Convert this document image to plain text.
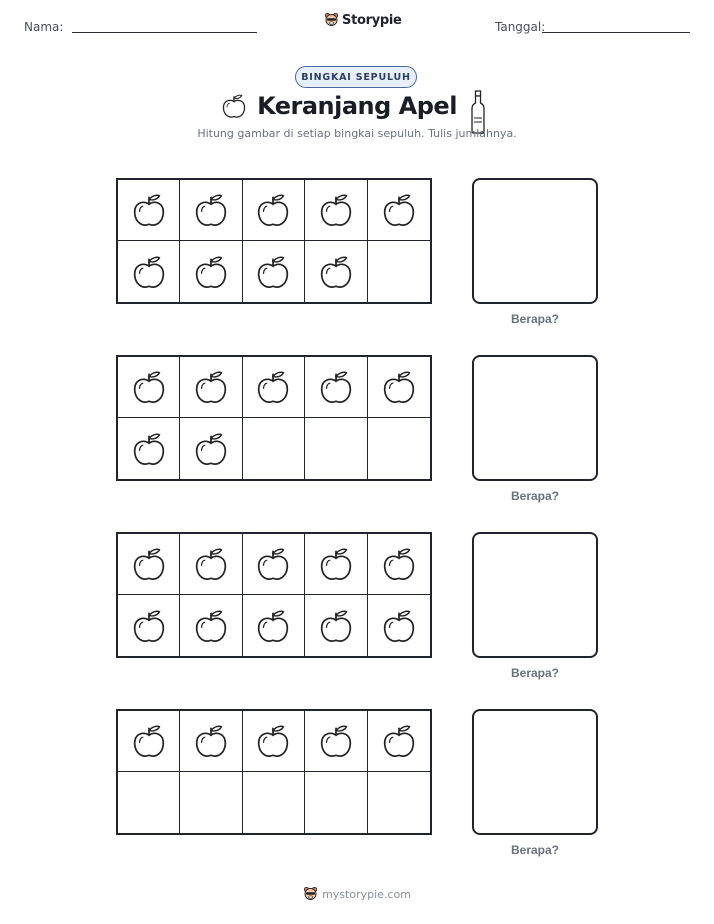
Nama:	Storypie	Tanggal:
BINGKAI SEPULUH
Keranjang Apel
Hitung gambar di setiap bingkai sepuluh. Tulis jumlahnya.
Berapa?
Berapa?
Berapa?
Berapa?
mystorypie.com
